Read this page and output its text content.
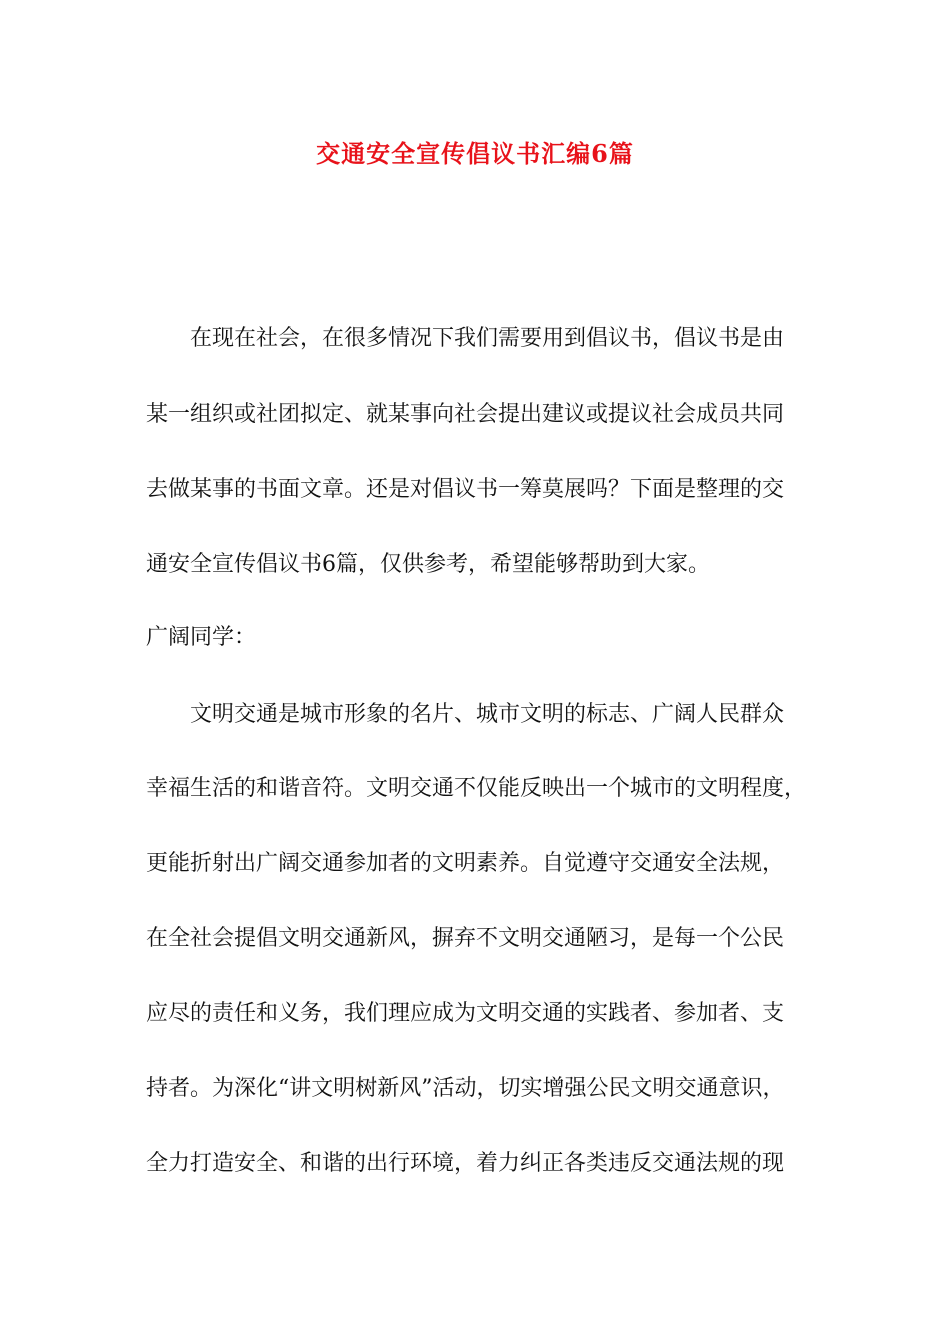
交通安全宣传倡议书汇编6篇
在现在社会，在很多情况下我们需要用到倡议书，倡议书是由
某一组织或社团拟定、就某事向社会提出建议或提议社会成员共同
去做某事的书面文章。还是对倡议书一筹莫展吗？下面是整理的交
通安全宣传倡议书6篇，仅供参考，希望能够帮助到大家。
广阔同学：
文明交通是城市形象的名片、城市文明的标志、广阔人民群众
幸福生活的和谐音符。文明交通不仅能反映出一个城市的文明程度，
更能折射出广阔交通参加者的文明素养。自觉遵守交通安全法规，
在全社会提倡文明交通新风，摒弃不文明交通陋习，是每一个公民
应尽的责任和义务，我们理应成为文明交通的实践者、参加者、支
持者。为深化“讲文明树新风”活动，切实增强公民文明交通意识，
全力打造安全、和谐的出行环境，着力纠正各类违反交通法规的现
